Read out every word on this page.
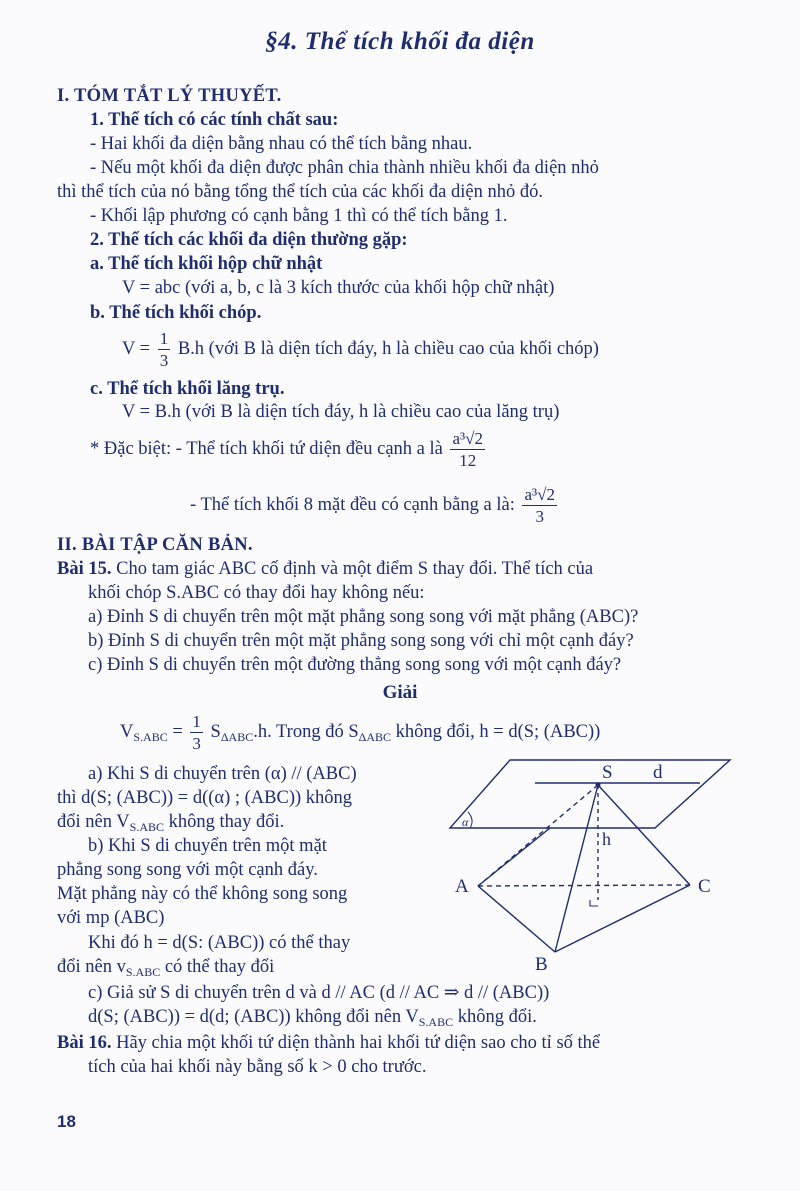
§4. Thể tích khối đa diện
I. TÓM TẮT LÝ THUYẾT.
1. Thể tích có các tính chất sau:
- Hai khối đa diện bằng nhau có thể tích bằng nhau.
- Nếu một khối đa diện được phân chia thành nhiều khối đa diện nhỏ
thì thể tích của nó bằng tổng thể tích của các khối đa diện nhỏ đó.
- Khối lập phương có cạnh bằng 1 thì có thể tích bằng 1.
2. Thể tích các khối đa diện thường gặp:
a. Thể tích khối hộp chữ nhật
V = abc (với a, b, c là 3 kích thước của khối hộp chữ nhật)
b. Thể tích khối chóp.
$V = \frac{1}{3} B.h$ (với B là diện tích đáy, h là chiều cao của khối chóp)
c. Thể tích khối lăng trụ.
V = B.h (với B là diện tích đáy, h là chiều cao của lăng trụ)
* Đặc biệt: - Thể tích khối tứ diện đều cạnh a là $\frac{\text{a³√2}}{12}$
- Thể tích khối 8 mặt đều có cạnh bằng a là: $\frac{\text{a³√2}}{3}$
II. BÀI TẬP CĂN BẢN.
Bài 15. Cho tam giác ABC cố định và một điểm S thay đổi. Thể tích của
khối chóp S.ABC có thay đổi hay không nếu:
a) Đỉnh S di chuyển trên một mặt phẳng song song với mặt phẳng (ABC)?
b) Đỉnh S di chuyển trên một mặt phẳng song song với chỉ một cạnh đáy?
c) Đỉnh S di chuyển trên một đường thẳng song song với một cạnh đáy?
Giải
$V_{S.ABC} = \frac{1}{3} S_{\Delta ABC}.h$. Trong đó $S_{\Delta ABC}$ không đổi, h = d(S; (ABC))
a) Khi S di chuyển trên (α) // (ABC)
thì d(S; (ABC)) = d((α) ; (ABC)) không
đổi nên $V_{S.ABC}$ không thay đổi.
b) Khi S di chuyển trên một mặt
phẳng song song với một cạnh đáy.
Mặt phẳng này có thể không song song
với mp (ABC)
Khi đó h = d(S: (ABC)) có thể thay
đổi nên $v_{S.ABC}$ có thể thay đổi
c) Giả sử S di chuyển trên d và d // AC (d // AC ⇒ d // (ABC))
d(S; (ABC)) = d(d; (ABC)) không đổi nên $V_{S.ABC}$ không đổi.
Bài 16. Hãy chia một khối tứ diện thành hai khối tứ diện sao cho tỉ số thể
tích của hai khối này bằng số k > 0 cho trước.
S d
h
A	C
B
α
18
